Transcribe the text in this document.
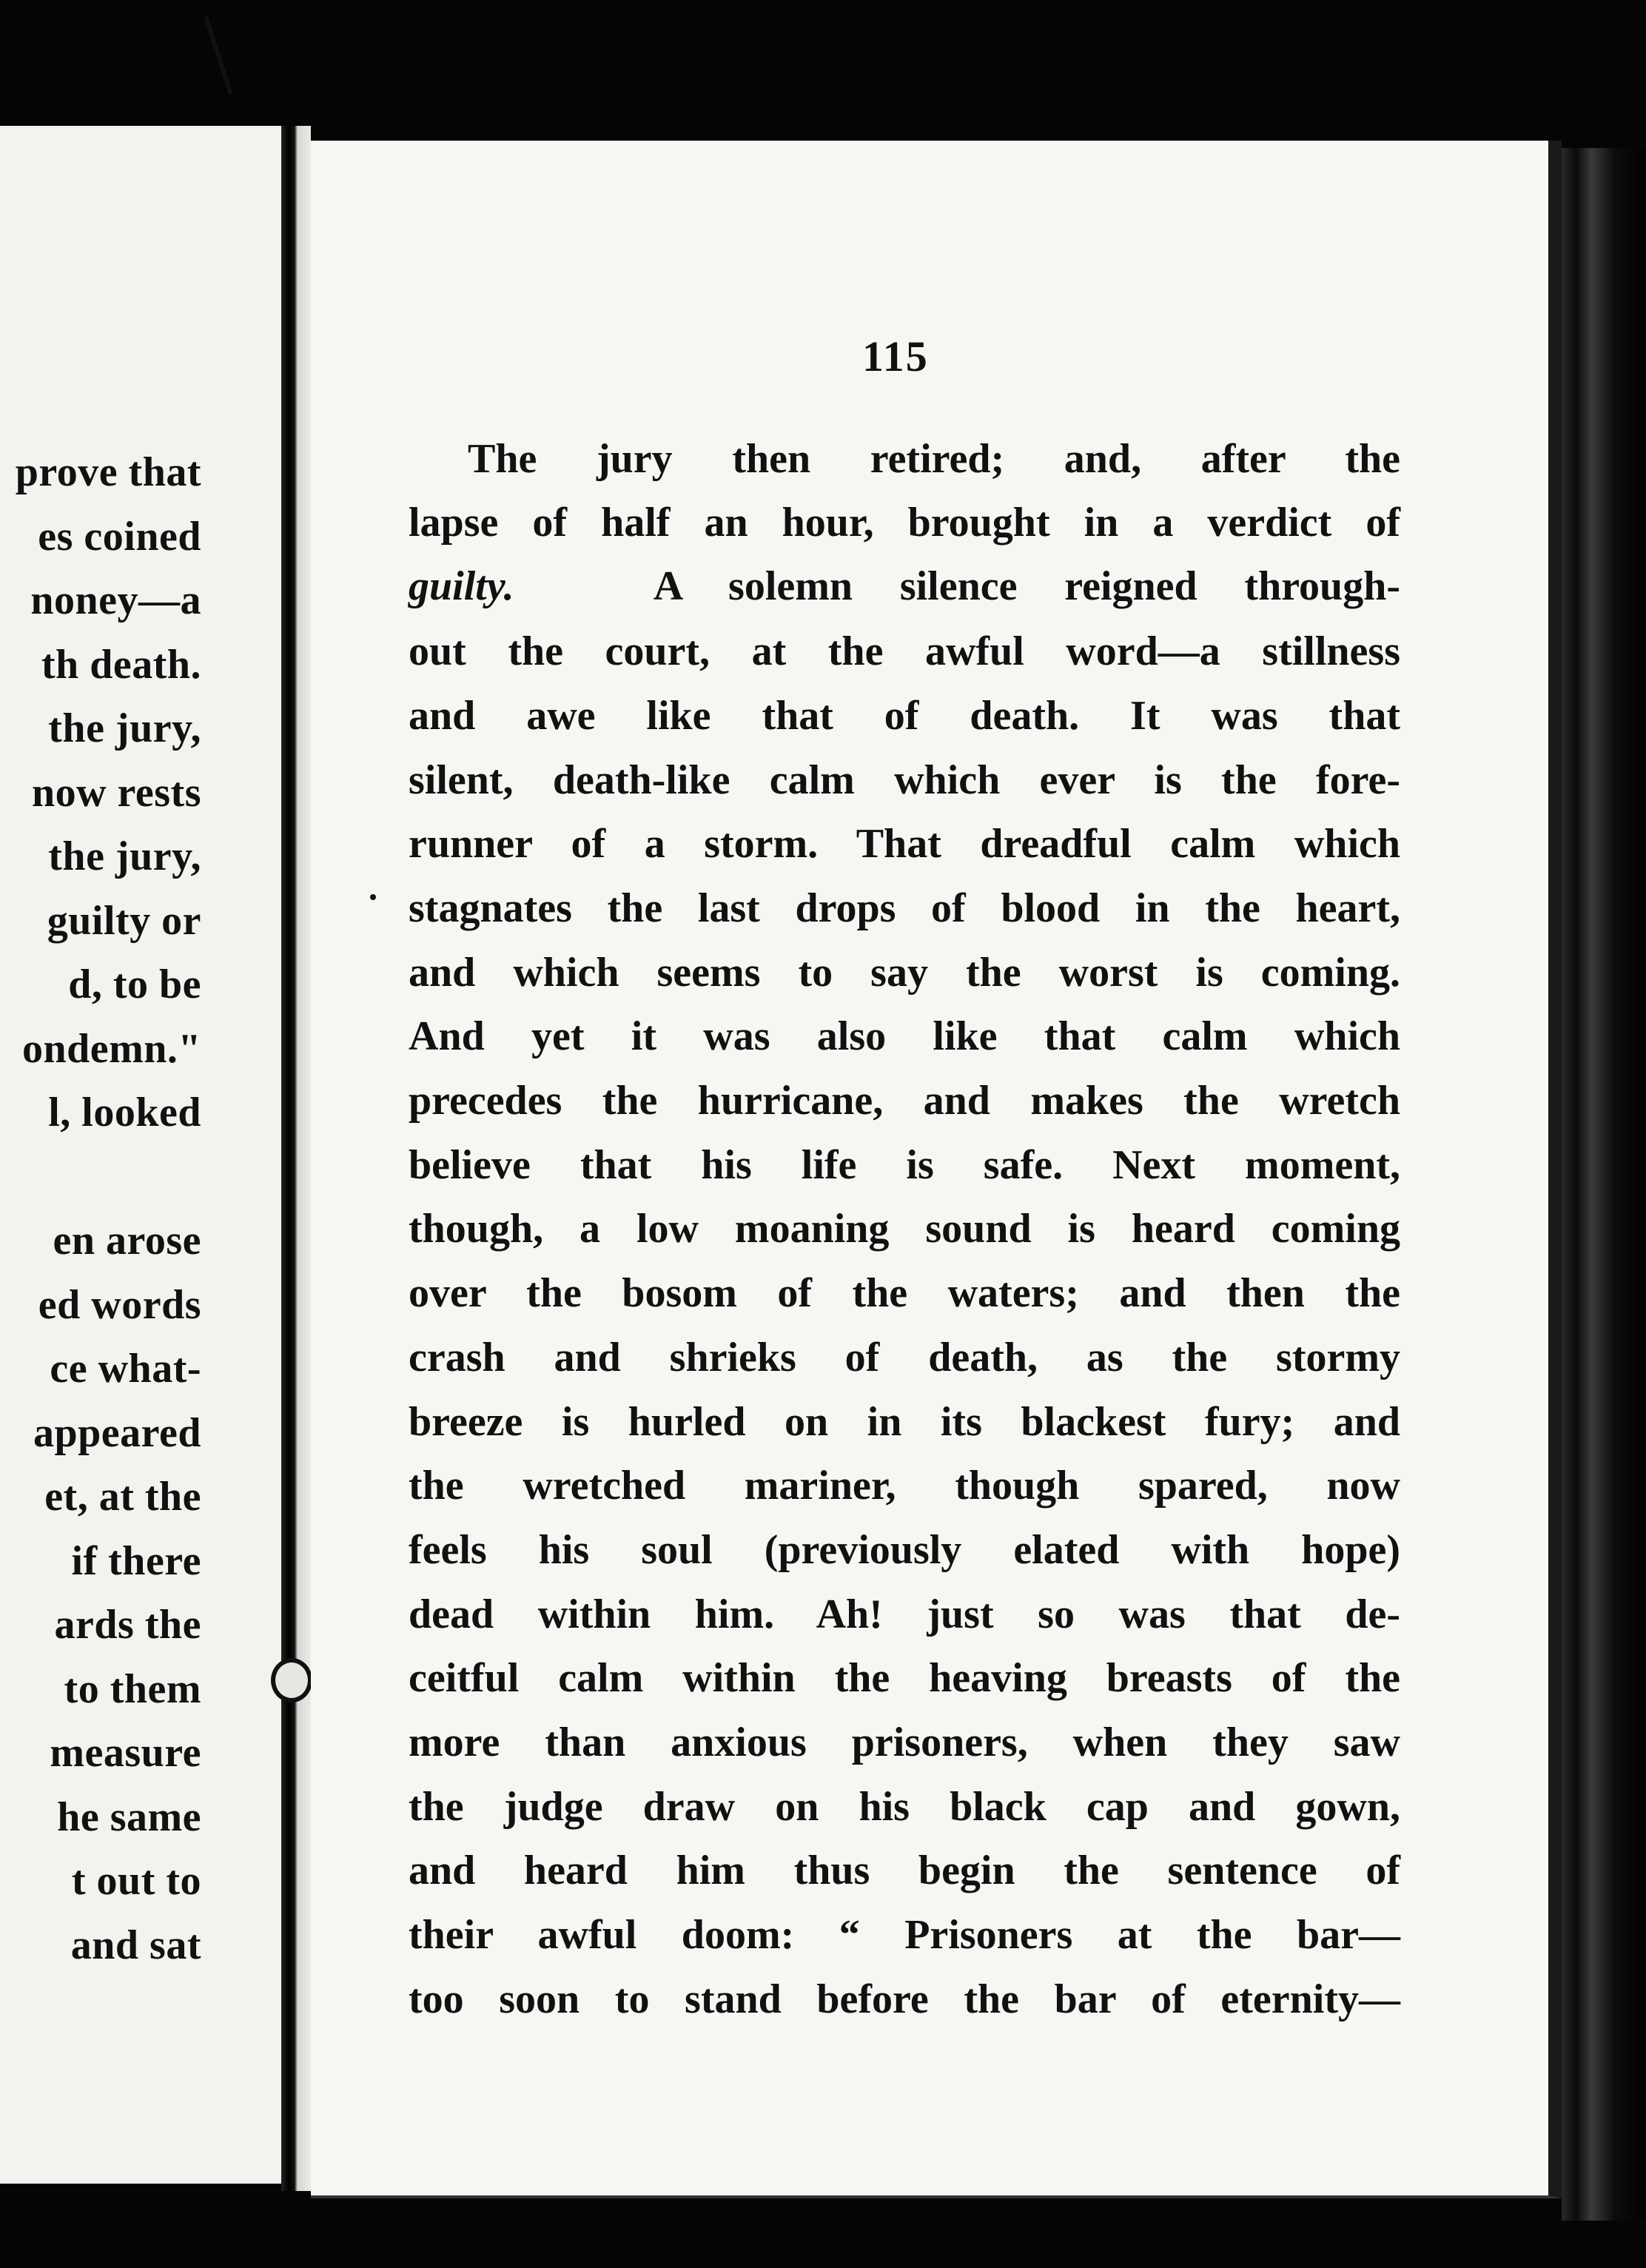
prove that
es coined
noney—a
th death.
the jury,
now rests
the jury,
guilty or
d, to be
ondemn."
l, looked
en arose
ed words
ce what-
appeared
et, at the
if there
ards the
to them
measure
he same
t out to
and sat
115
The jury then retired; and, after the
lapse of half an hour, brought in a verdict of
guilty.	A solemn silence reigned through-
out the court, at the awful word—a stillness
and awe like that of death. It was that
silent, death-like calm which ever is the fore-
runner of a storm. That dreadful calm which
stagnates the last drops of blood in the heart,
and which seems to say the worst is coming.
And yet it was also like that calm which
precedes the hurricane, and makes the wretch
believe that his life is safe. Next moment,
though, a low moaning sound is heard coming
over the bosom of the waters; and then the
crash and shrieks of death, as the stormy
breeze is hurled on in its blackest fury; and
the wretched mariner, though spared, now
feels his soul (previously elated with hope)
dead within him. Ah! just so was that de-
ceitful calm within the heaving breasts of the
more than anxious prisoners, when they saw
the judge draw on his black cap and gown,
and heard him thus begin the sentence of
their awful doom: “ Prisoners at the bar—
too soon to stand before the bar of eternity—
